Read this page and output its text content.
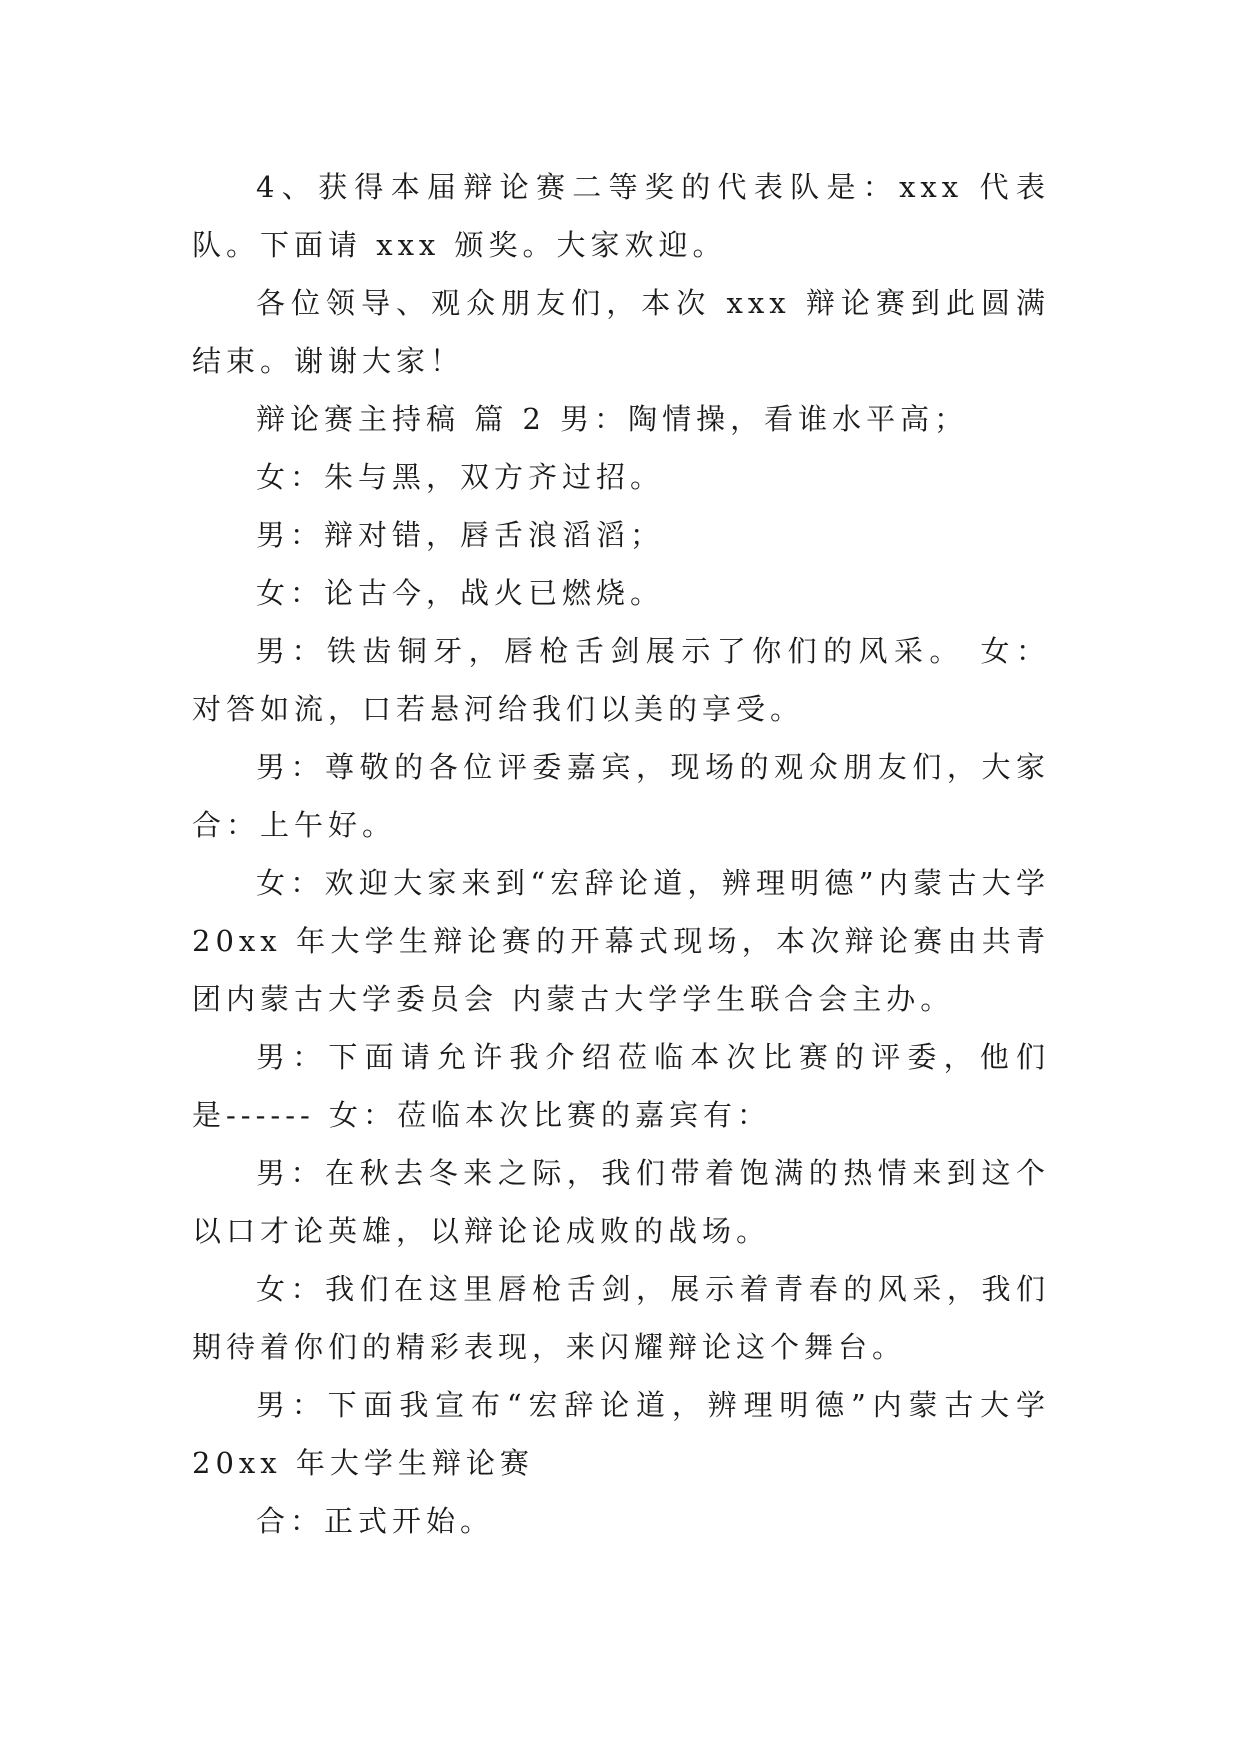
4、获得本届辩论赛二等奖的代表队是：xxx 代表队。下面请 xxx 颁奖。大家欢迎。

各位领导、观众朋友们，本次 xxx 辩论赛到此圆满结束。谢谢大家！

辩论赛主持稿 篇 2 男：陶情操，看谁水平高；

女：朱与黑，双方齐过招。

男：辩对错，唇舌浪滔滔；

女：论古今，战火已燃烧。

男：铁齿铜牙，唇枪舌剑展示了你们的风采。 女：对答如流，口若悬河给我们以美的享受。

男：尊敬的各位评委嘉宾，现场的观众朋友们，大家合：上午好。

女：欢迎大家来到“宏辞论道，辨理明德”内蒙古大学 20xx 年大学生辩论赛的开幕式现场，本次辩论赛由共青团内蒙古大学委员会 内蒙古大学学生联合会主办。

男：下面请允许我介绍莅临本次比赛的评委，他们是------ 女：莅临本次比赛的嘉宾有：

男：在秋去冬来之际，我们带着饱满的热情来到这个以口才论英雄，以辩论论成败的战场。

女：我们在这里唇枪舌剑，展示着青春的风采，我们期待着你们的精彩表现，来闪耀辩论这个舞台。

男：下面我宣布“宏辞论道，辨理明德”内蒙古大学 20xx 年大学生辩论赛

合：正式开始。
